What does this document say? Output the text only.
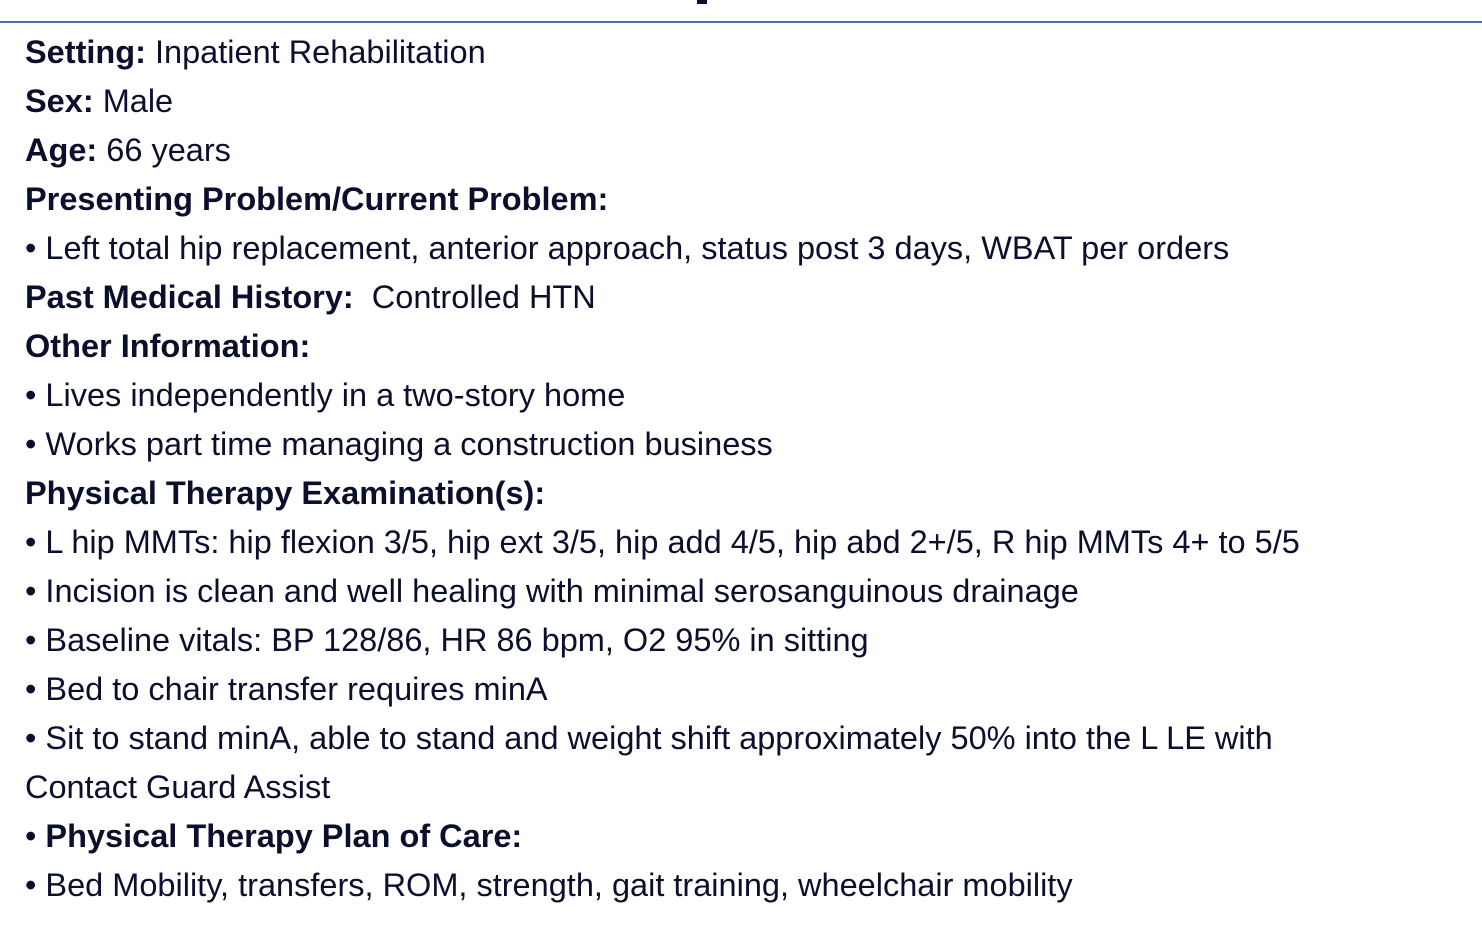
Setting: Inpatient Rehabilitation
Sex: Male
Age: 66 years
Presenting Problem/Current Problem:
• Left total hip replacement, anterior approach, status post 3 days, WBAT per orders
Past Medical History: Controlled HTN
Other Information:
• Lives independently in a two-story home
• Works part time managing a construction business
Physical Therapy Examination(s):
• L hip MMTs: hip flexion 3/5, hip ext 3/5, hip add 4/5, hip abd 2+/5, R hip MMTs 4+ to 5/5
• Incision is clean and well healing with minimal serosanguinous drainage
• Baseline vitals: BP 128/86, HR 86 bpm, O2 95% in sitting
• Bed to chair transfer requires minA
• Sit to stand minA, able to stand and weight shift approximately 50% into the L LE with
Contact Guard Assist
• Physical Therapy Plan of Care:
• Bed Mobility, transfers, ROM, strength, gait training, wheelchair mobility
